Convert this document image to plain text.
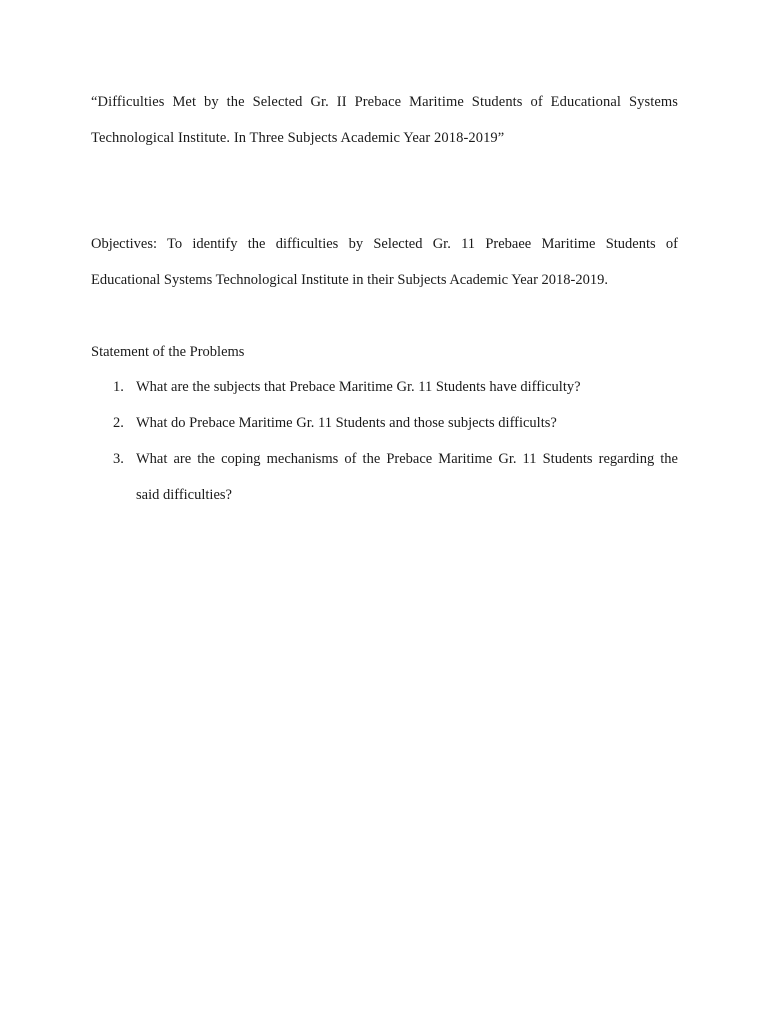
“Difficulties Met by the Selected Gr. II Prebace Maritime Students of Educational Systems
Technological Institute. In Three Subjects Academic Year 2018-2019”
Objectives: To identify the difficulties by Selected Gr. 11 Prebaee Maritime Students of
Educational Systems Technological Institute in their Subjects Academic Year 2018-2019.
Statement of the Problems
1. What are the subjects that Prebace Maritime Gr. 11 Students have difficulty?
2. What do Prebace Maritime Gr. 11 Students and those subjects difficults?
3. What are the coping mechanisms of the Prebace Maritime Gr. 11 Students regarding the
said difficulties?
